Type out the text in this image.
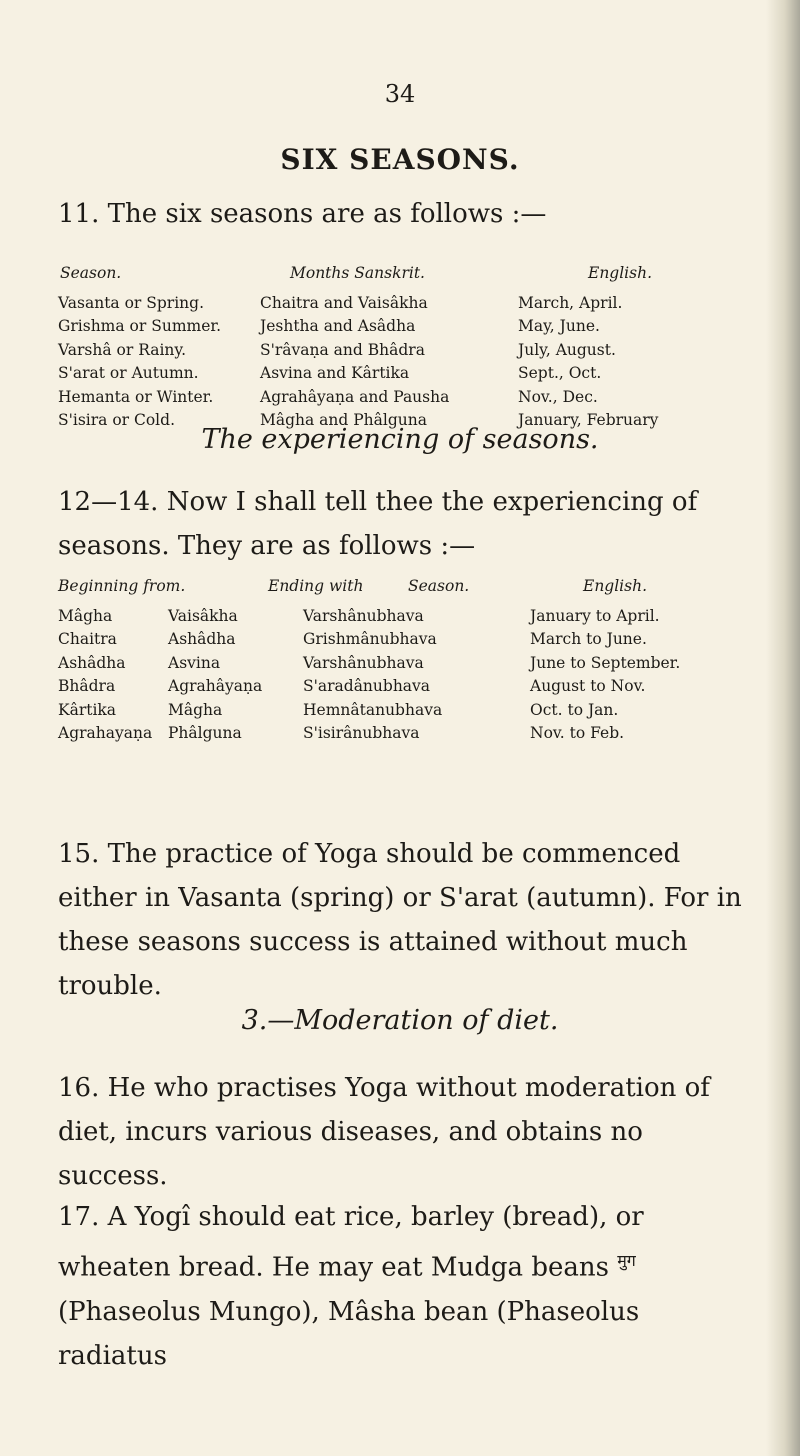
34
SIX SEASONS.

11. The six seasons are as follows :—

Season.	Months Sanskrit.	English.
Vasanta or Spring.	Chaitra and Vaisâkha	March, April.
Grishma or Summer.	Jeshtha and Asâdha	May, June.
Varshâ or Rainy.	S'râvaṇa and Bhâdra	July, August.
S'arat or Autumn.	Asvina and Kârtika	Sept., Oct.
Hemanta or Winter.	Agrahâyaṇa and Pausha	Nov., Dec.
S'isira or Cold.	Mâgha and Phâlguna	January, February
The experiencing of seasons.

12—14. Now I shall tell thee the experiencing of seasons. They are as follows :—

Beginning from.	Ending with	Season.	English.
Mâgha	Vaisâkha	Varshânubhava	January to April.
Chaitra	Ashâdha	Grishmânubhava	March to June.
Ashâdha	Asvina	Varshânubhava	June to September.
Bhâdra	Agrahâyaṇa	S'aradânubhava	August to Nov.
Kârtika	Mâgha	Hemnâtanubhava	Oct. to Jan.
Agrahayaṇa	Phâlguna	S'isirânubhava	Nov. to Feb.

15. The practice of Yoga should be commenced either in Vasanta (spring) or S'arat (autumn). For in these seasons success is attained without much trouble.

3.—Moderation of diet.

16. He who practises Yoga without moderation of diet, incurs various diseases, and obtains no success.

17. A Yogî should eat rice, barley (bread), or wheaten bread. He may eat Mudga beans $^{मुग}$ (Phaseolus Mungo), Mâsha bean (Phaseolus radiatus
